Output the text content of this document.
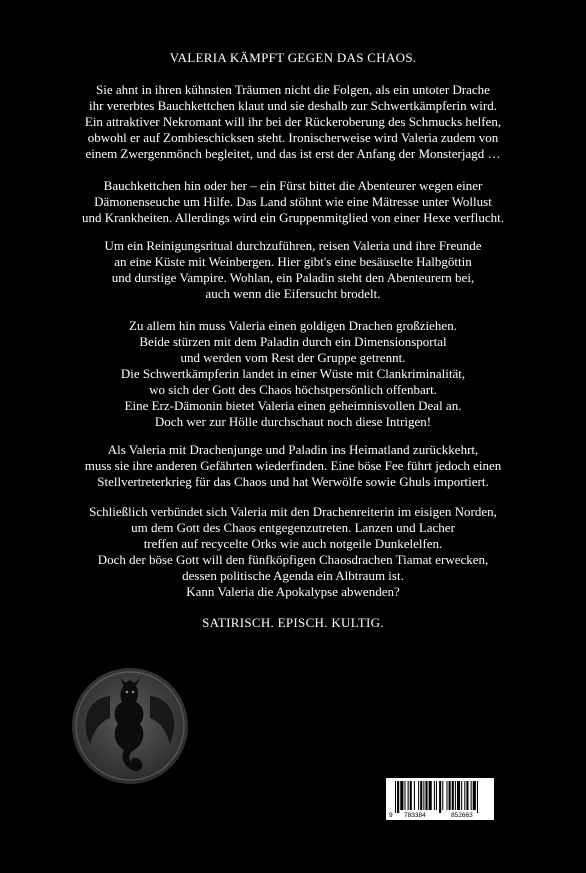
VALERIA KÄMPFT GEGEN DAS CHAOS.
Sie ahnt in ihren kühnsten Träumen nicht die Folgen, als ein untoter Drache
ihr vererbtes Bauchkettchen klaut und sie deshalb zur Schwertkämpferin wird.
Ein attraktiver Nekromant will ihr bei der Rückeroberung des Schmucks helfen,
obwohl er auf Zombieschicksen steht. Ironischerweise wird Valeria zudem von
einem Zwergenmönch begleitet, und das ist erst der Anfang der Monsterjagd …
Bauchkettchen hin oder her – ein Fürst bittet die Abenteurer wegen einer
Dämonenseuche um Hilfe. Das Land stöhnt wie eine Mätresse unter Wollust
und Krankheiten. Allerdings wird ein Gruppenmitglied von einer Hexe verflucht.
Um ein Reinigungsritual durchzuführen, reisen Valeria und ihre Freunde
an eine Küste mit Weinbergen. Hier gibt's eine besäuselte Halbgöttin
und durstige Vampire. Wohlan, ein Paladin steht den Abenteurern bei,
auch wenn die Eifersucht brodelt.
Zu allem hin muss Valeria einen goldigen Drachen großziehen.
Beide stürzen mit dem Paladin durch ein Dimensionsportal
und werden vom Rest der Gruppe getrennt.
Die Schwertkämpferin landet in einer Wüste mit Clankriminalität,
wo sich der Gott des Chaos höchstpersönlich offenbart.
Eine Erz-Dämonin bietet Valeria einen geheimnisvollen Deal an.
Doch wer zur Hölle durchschaut noch diese Intrigen!
Als Valeria mit Drachenjunge und Paladin ins Heimatland zurückkehrt,
muss sie ihre anderen Gefährten wiederfinden. Eine böse Fee führt jedoch einen
Stellvertreterkrieg für das Chaos und hat Werwölfe sowie Ghuls importiert.
Schließlich verbündet sich Valeria mit den Drachenreiterin im eisigen Norden,
um dem Gott des Chaos entgegenzutreten. Lanzen und Lacher
treffen auf recycelte Orks wie auch notgeile Dunkelelfen.
Doch der böse Gott will den fünfköpfigen Chaosdrachen Tiamat erwecken,
dessen politische Agenda ein Albtraum ist.
Kann Valeria die Apokalypse abwenden?
SATIRISCH. EPISCH. KULTIG.
9 783384	852663
